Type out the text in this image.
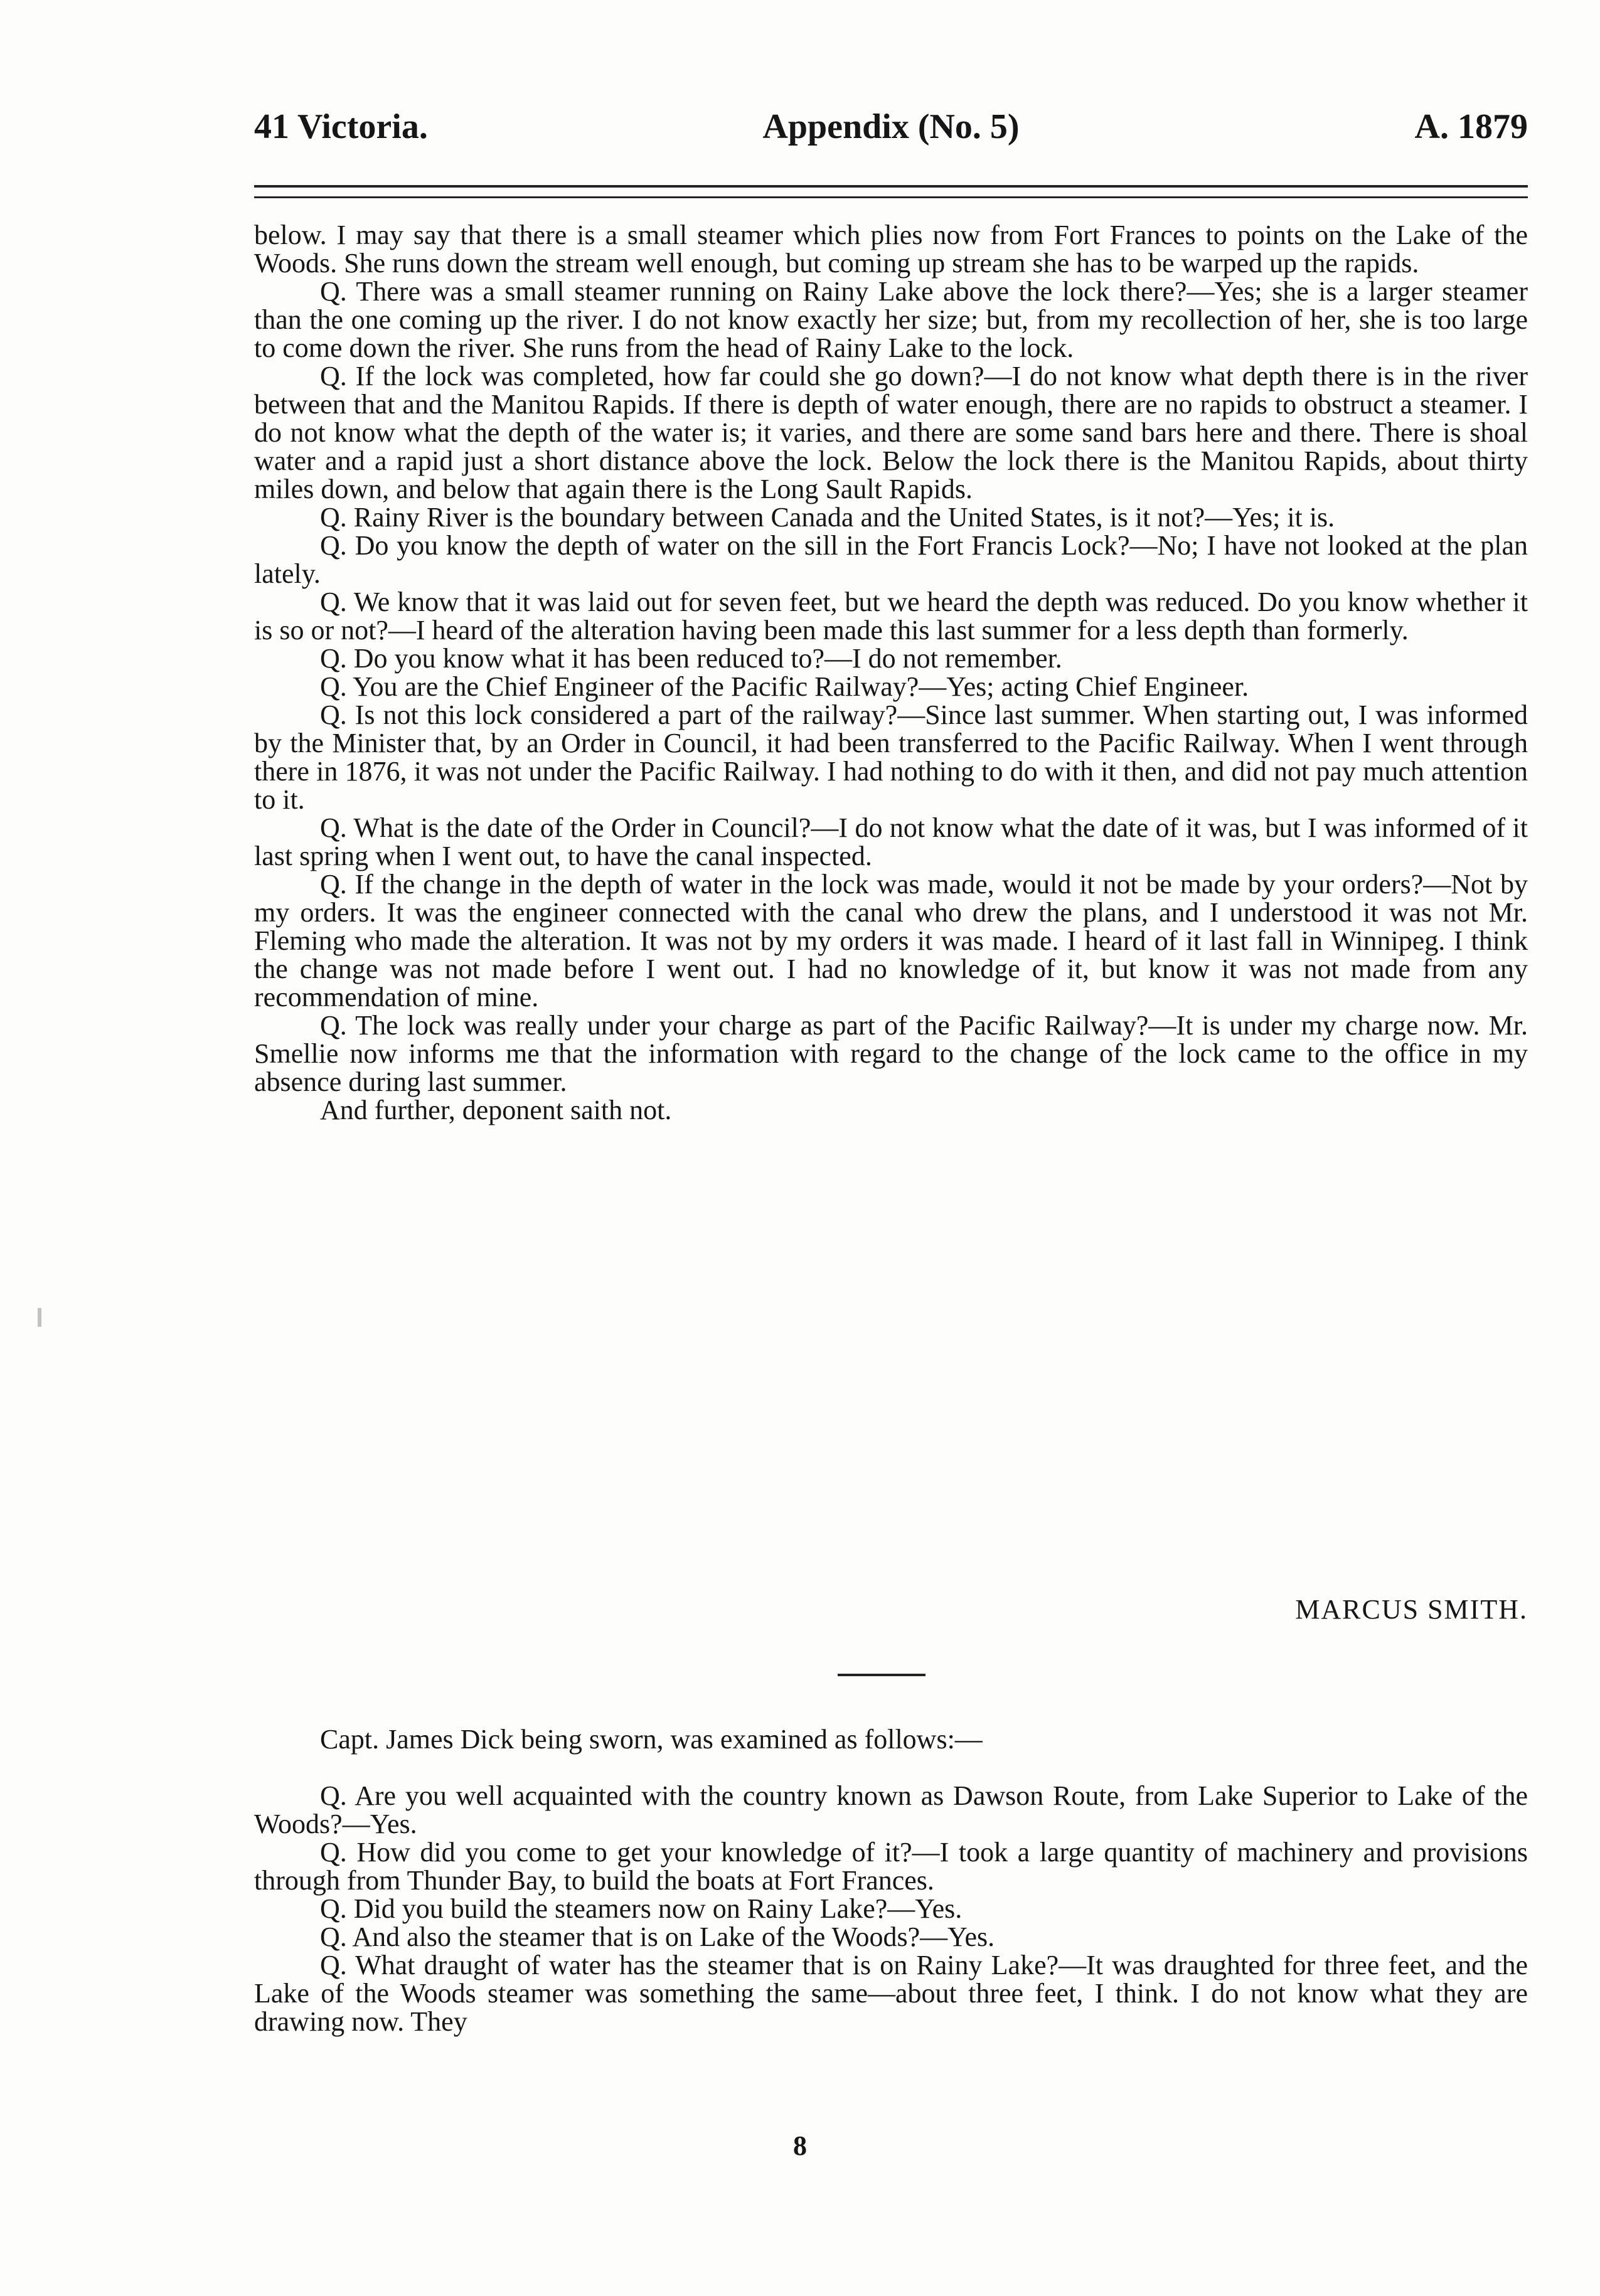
41 Victoria.	Appendix (No. 5)	A. 1879

below. I may say that there is a small steamer which plies now from Fort Frances to points on the Lake of the Woods. She runs down the stream well enough, but coming up stream she has to be warped up the rapids.

Q. There was a small steamer running on Rainy Lake above the lock there?—Yes; she is a larger steamer than the one coming up the river. I do not know exactly her size; but, from my recollection of her, she is too large to come down the river. She runs from the head of Rainy Lake to the lock.

Q. If the lock was completed, how far could she go down?—I do not know what depth there is in the river between that and the Manitou Rapids. If there is depth of water enough, there are no rapids to obstruct a steamer. I do not know what the depth of the water is; it varies, and there are some sand bars here and there. There is shoal water and a rapid just a short distance above the lock. Below the lock there is the Manitou Rapids, about thirty miles down, and below that again there is the Long Sault Rapids.

Q. Rainy River is the boundary between Canada and the United States, is it not?—Yes; it is.

Q. Do you know the depth of water on the sill in the Fort Francis Lock?—No; I have not looked at the plan lately.

Q. We know that it was laid out for seven feet, but we heard the depth was reduced. Do you know whether it is so or not?—I heard of the alteration having been made this last summer for a less depth than formerly.

Q. Do you know what it has been reduced to?—I do not remember.

Q. You are the Chief Engineer of the Pacific Railway?—Yes; acting Chief Engineer.

Q. Is not this lock considered a part of the railway?—Since last summer. When starting out, I was informed by the Minister that, by an Order in Council, it had been transferred to the Pacific Railway. When I went through there in 1876, it was not under the Pacific Railway. I had nothing to do with it then, and did not pay much attention to it.

Q. What is the date of the Order in Council?—I do not know what the date of it was, but I was informed of it last spring when I went out, to have the canal inspected.

Q. If the change in the depth of water in the lock was made, would it not be made by your orders?—Not by my orders. It was the engineer connected with the canal who drew the plans, and I understood it was not Mr. Fleming who made the alteration. It was not by my orders it was made. I heard of it last fall in Winnipeg. I think the change was not made before I went out. I had no knowledge of it, but know it was not made from any recommendation of mine.

Q. The lock was really under your charge as part of the Pacific Railway?—It is under my charge now. Mr. Smellie now informs me that the information with regard to the change of the lock came to the office in my absence during last summer.

And further, deponent saith not.

MARCUS SMITH.

Capt. James Dick being sworn, was examined as follows:—

Q. Are you well acquainted with the country known as Dawson Route, from Lake Superior to Lake of the Woods?—Yes.

Q. How did you come to get your knowledge of it?—I took a large quantity of machinery and provisions through from Thunder Bay, to build the boats at Fort Frances.

Q. Did you build the steamers now on Rainy Lake?—Yes.

Q. And also the steamer that is on Lake of the Woods?—Yes.

Q. What draught of water has the steamer that is on Rainy Lake?—It was draughted for three feet, and the Lake of the Woods steamer was something the same—about three feet, I think. I do not know what they are drawing now. They

8
